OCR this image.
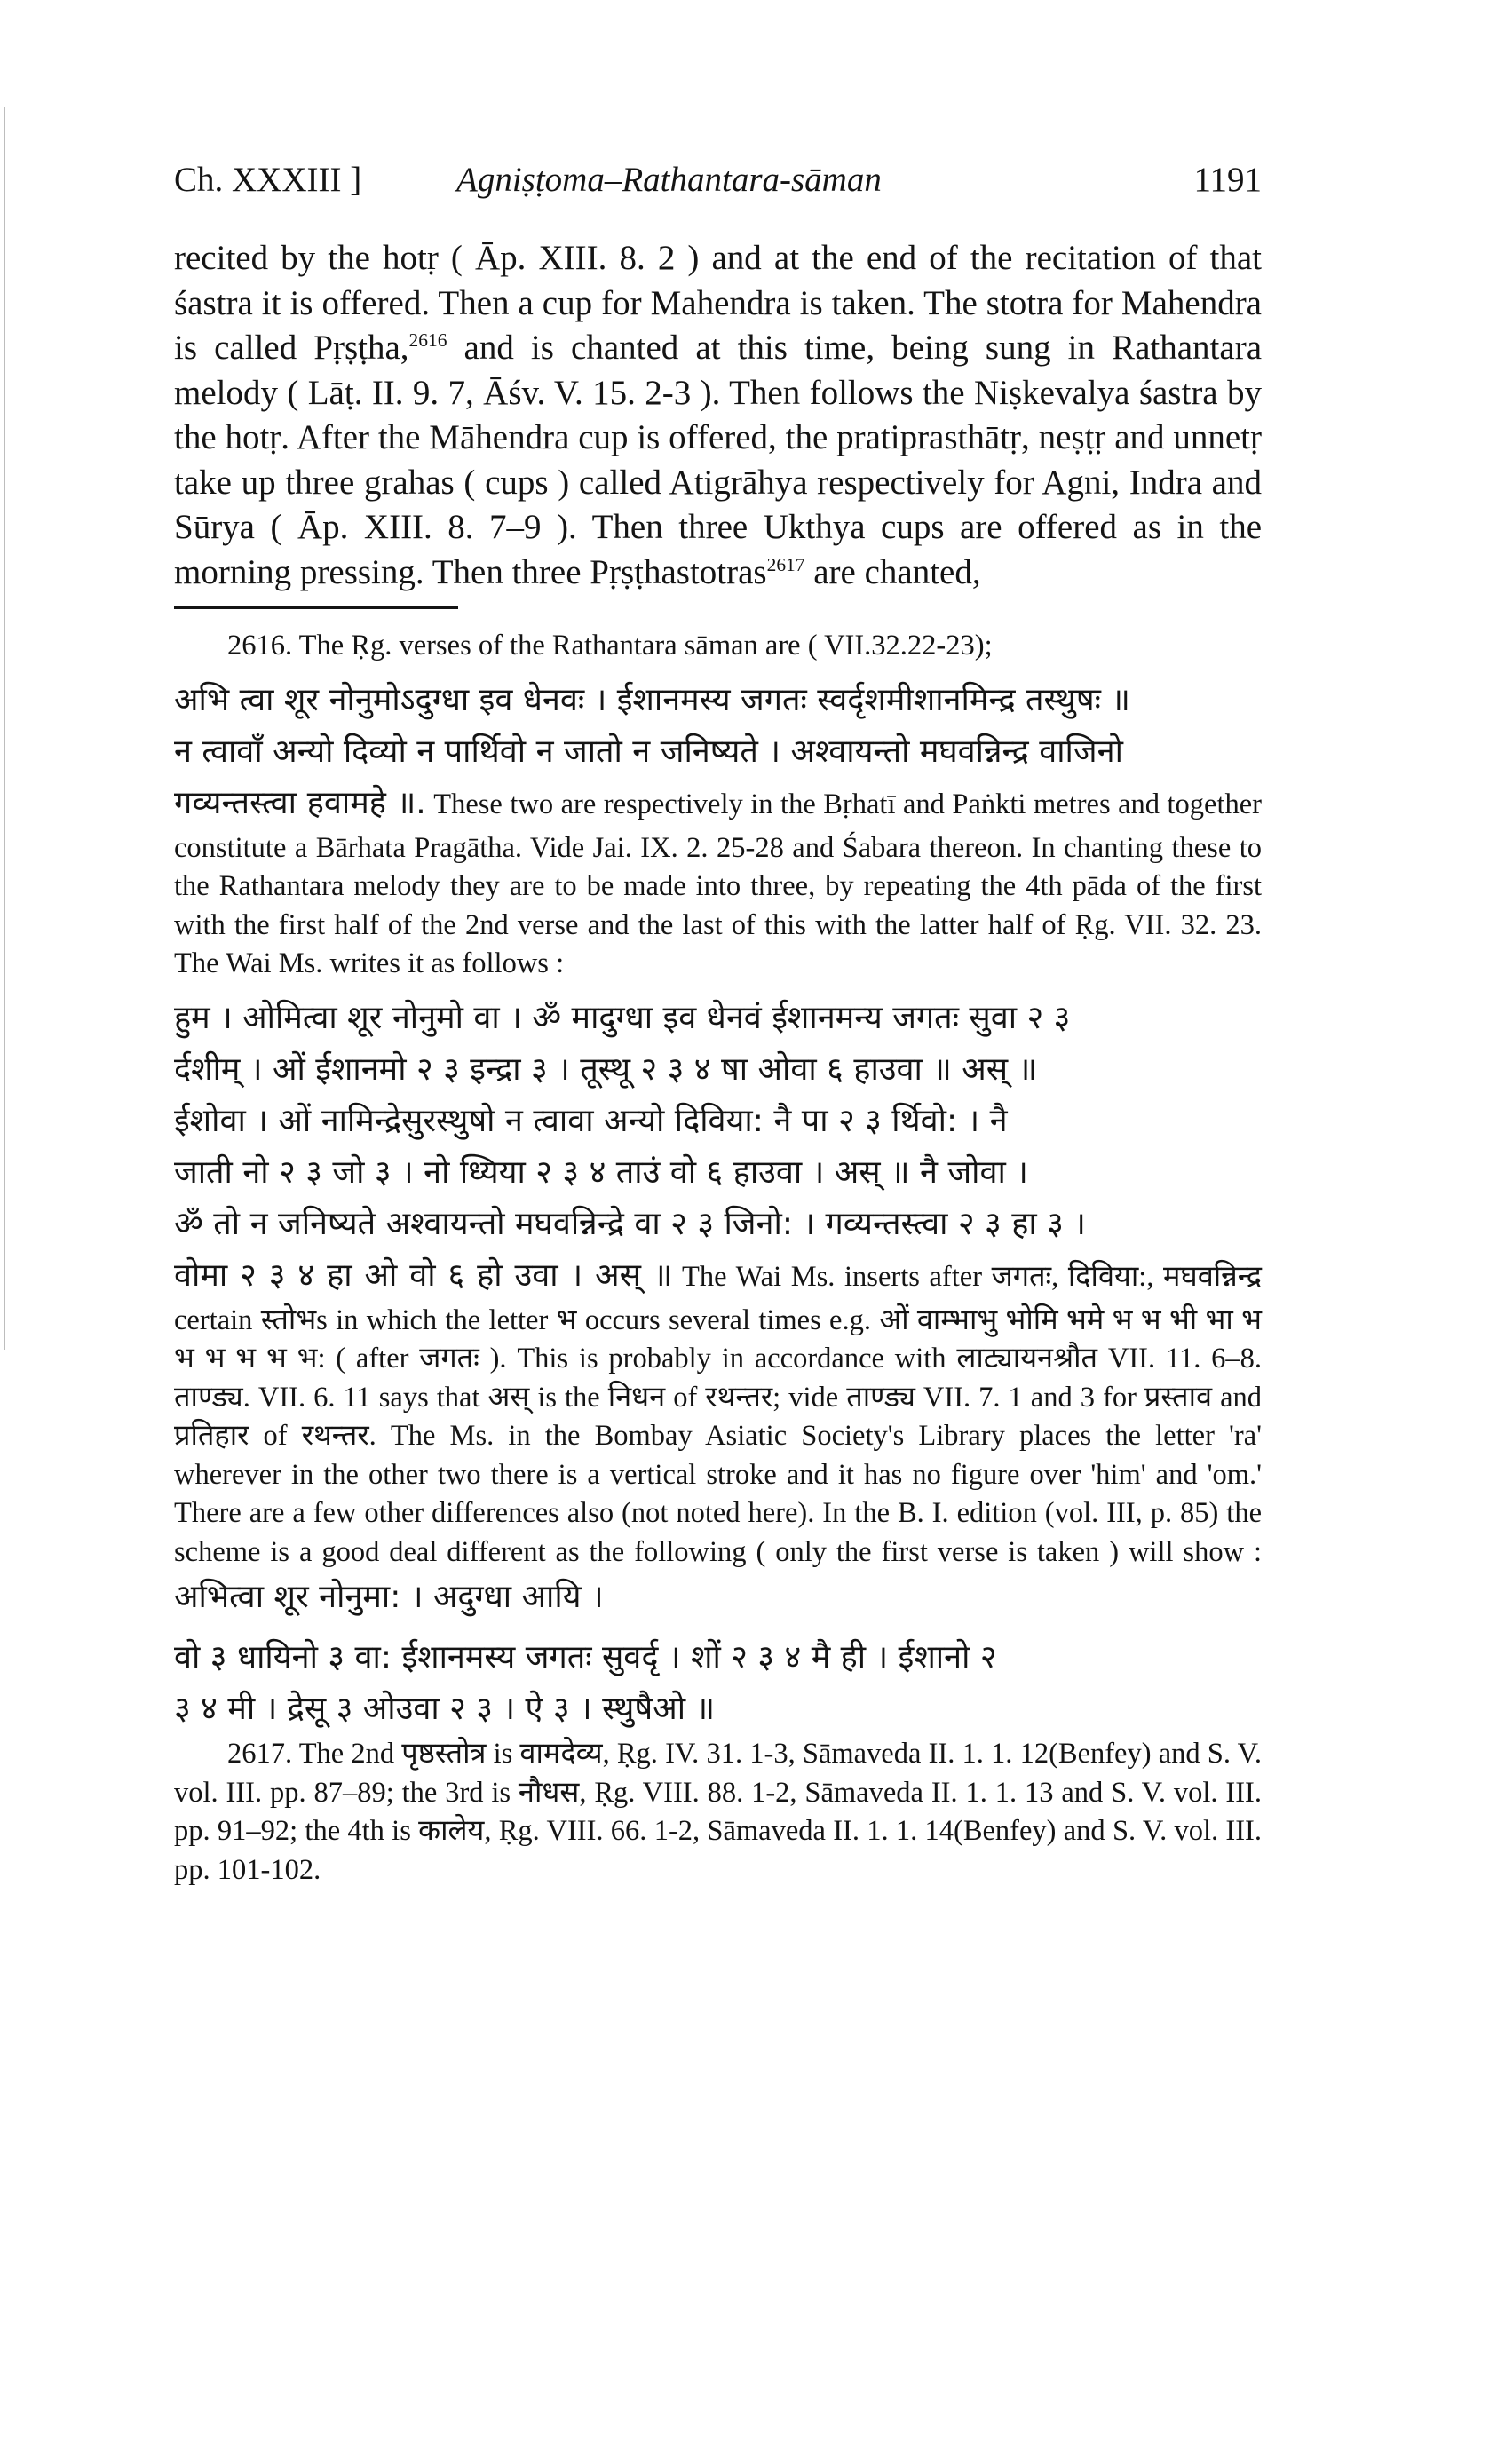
Ch. XXXIII ]	Agniṣṭoma–Rathantara-sāman	1191

recited by the hotṛ ( Āp. XIII. 8. 2 ) and at the end of the recitation of that śastra it is offered. Then a cup for Mahendra is taken. The stotra for Mahendra is called Pṛṣṭha,$^{2616}$ and is chanted at this time, being sung in Rathantara melody ( Lāṭ. II. 9. 7, Āśv. V. 15. 2-3 ). Then follows the Niṣkevalya śastra by the hotṛ. After the Māhendra cup is offered, the pratiprasthātṛ, neṣṭṛ and unnetṛ take up three grahas ( cups ) called Atigrāhya respectively for Agni, Indra and Sūrya ( Āp. XIII. 8. 7–9 ). Then three Ukthya cups are offered as in the morning pressing. Then three Pṛṣṭhastotras$^{2617}$ are chanted,

2616. The Ṛg. verses of the Rathantara sāman are ( VII.32.22-23);

अभि त्वा शूर नोनुमोऽदुग्धा इव धेनवः । ईशानमस्य जगतः स्वर्दृशमीशानमिन्द्र तस्थुषः ॥
न त्वावाँ अन्यो दिव्यो न पार्थिवो न जातो न जनिष्यते । अश्वायन्तो मघवन्निन्द्र वाजिनो

गव्यन्तस्त्वा हवामहे ॥. These two are respectively in the Bṛhatī and Paṅkti metres and together constitute a Bārhata Pragātha. Vide Jai. IX. 2. 25-28 and Śabara thereon. In chanting these to the Rathantara melody they are to be made into three, by repeating the 4th pāda of the first with the first half of the 2nd verse and the last of this with the latter half of Ṛg. VII. 32. 23. The Wai Ms. writes it as follows :

हुम । ओमित्वा शूर नोनुमो वा । ॐ मादुग्धा इव धेनवं ईशानमन्य जगतः सुवा २ ३
र्दशीम् । ओं ईशानमो २ ३ इन्द्रा ३ । तूस्थू २ ३ ४ षा ओवा ६ हाउवा ॥ अस् ॥
ईशोवा । ओं नामिन्द्रेसुरस्थुषो न त्वावा अन्यो दिविया: नै पा २ ३ र्थिवो: । नै
जाती नो २ ३ जो ३ । नो ध्यिया २ ३ ४ ताउं वो ६ हाउवा । अस् ॥ नै जोवा ।
ॐ तो न जनिष्यते अश्वायन्तो मघवन्निन्द्रे वा २ ३ जिनो: । गव्यन्तस्त्वा २ ३ हा ३ ।

वोमा २ ३ ४ हा ओ वो ६ हो उवा । अस् ॥ The Wai Ms. inserts after जगतः, दिविया:, मघवन्निन्द्र certain स्तोभs in which the letter भ occurs several times e.g. ओं वाम्भाभु भोमि भमे भ भ भी भा भ भ भ भ भ भ: ( after जगतः ). This is probably in accordance with लाट्यायनश्रौत VII. 11. 6–8. ताण्ड्य. VII. 6. 11 says that अस् is the निधन of रथन्तर; vide ताण्ड्य VII. 7. 1 and 3 for प्रस्ताव and प्रतिहार of रथन्तर. The Ms. in the Bombay Asiatic Society's Library places the letter 'ra' wherever in the other two there is a vertical stroke and it has no figure over 'him' and 'om.' There are a few other differences also (not noted here). In the B. I. edition (vol. III, p. 85) the scheme is a good deal different as the following ( only the first verse is taken ) will show : अभित्वा शूर नोनुमा: । अदुग्धा आयि ।

वो ३ धायिनो ३ वा: ईशानमस्य जगतः सुवर्दृ । शों २ ३ ४ मै ही । ईशानो २
३ ४ मी । द्रेसू ३ ओउवा २ ३ । ऐ ३ । स्थुषैओ ॥

2617. The 2nd पृष्ठस्तोत्र is वामदेव्य, Ṛg. IV. 31. 1-3, Sāmaveda II. 1. 1. 12(Benfey) and S. V. vol. III. pp. 87–89; the 3rd is नौधस, Ṛg. VIII. 88. 1-2, Sāmaveda II. 1. 1. 13 and S. V. vol. III. pp. 91–92; the 4th is कालेय, Ṛg. VIII. 66. 1-2, Sāmaveda II. 1. 1. 14(Benfey) and S. V. vol. III. pp. 101-102.
